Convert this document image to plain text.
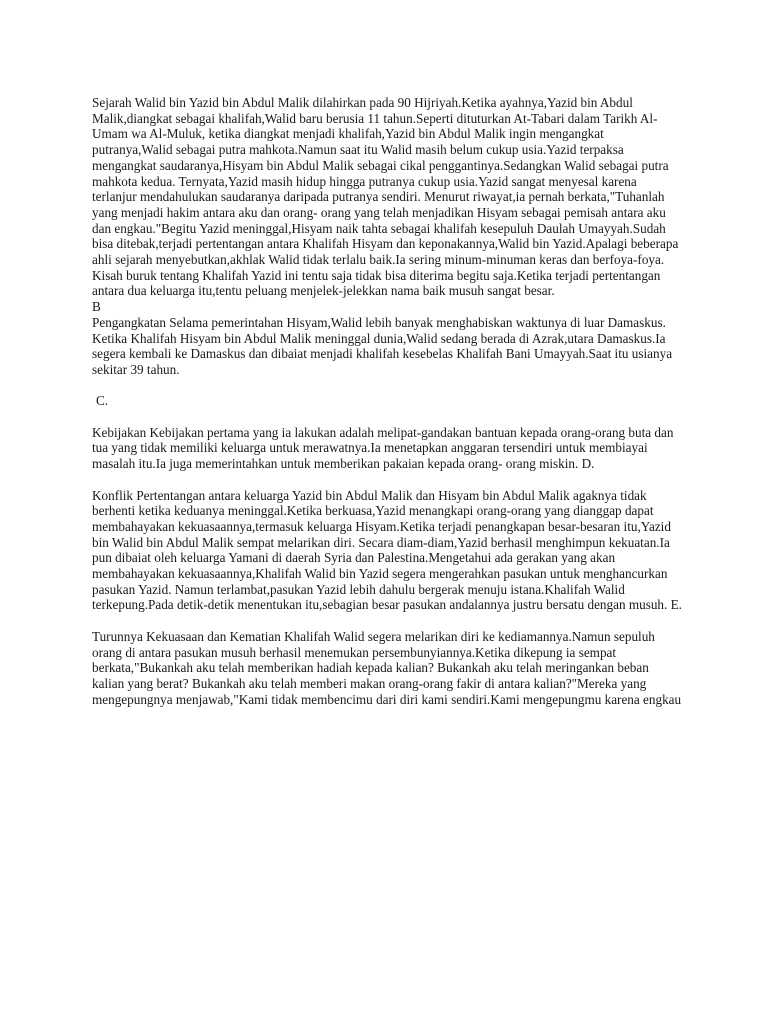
Sejarah Walid bin Yazid bin Abdul Malik dilahirkan pada 90 Hijriyah.Ketika ayahnya,Yazid bin Abdul Malik,diangkat sebagai khalifah,Walid baru berusia 11 tahun.Seperti dituturkan At-Tabari dalam Tarikh Al-Umam wa Al-Muluk, ketika diangkat menjadi khalifah,Yazid bin Abdul Malik ingin mengangkat putranya,Walid sebagai putra mahkota.Namun saat itu Walid masih belum cukup usia.Yazid terpaksa mengangkat saudaranya,Hisyam bin Abdul Malik sebagai cikal penggantinya.Sedangkan Walid sebagai putra mahkota kedua. Ternyata,Yazid masih hidup hingga putranya cukup usia.Yazid sangat menyesal karena terlanjur mendahulukan saudaranya daripada putranya sendiri. Menurut riwayat,ia pernah berkata,"Tuhanlah yang menjadi hakim antara aku dan orang- orang yang telah menjadikan Hisyam sebagai pemisah antara aku dan engkau."Begitu Yazid meninggal,Hisyam naik tahta sebagai khalifah kesepuluh Daulah Umayyah.Sudah bisa ditebak,terjadi pertentangan antara Khalifah Hisyam dan keponakannya,Walid bin Yazid.Apalagi beberapa ahli sejarah menyebutkan,akhlak Walid tidak terlalu baik.Ia sering minum-minuman keras dan berfoya-foya. Kisah buruk tentang Khalifah Yazid ini tentu saja tidak bisa diterima begitu saja.Ketika terjadi pertentangan antara dua keluarga itu,tentu peluang menjelek-jelekkan nama baik musuh sangat besar.

B

Pengangkatan Selama pemerintahan Hisyam,Walid lebih banyak menghabiskan waktunya di luar Damaskus. Ketika Khalifah Hisyam bin Abdul Malik meninggal dunia,Walid sedang berada di Azrak,utara Damaskus.Ia segera kembali ke Damaskus dan dibaiat menjadi khalifah kesebelas Khalifah Bani Umayyah.Saat itu usianya sekitar 39 tahun.

C.

Kebijakan Kebijakan pertama yang ia lakukan adalah melipat-gandakan bantuan kepada orang-orang buta dan tua yang tidak memiliki keluarga untuk merawatnya.Ia menetapkan anggaran tersendiri untuk membiayai masalah itu.Ia juga memerintahkan untuk memberikan pakaian kepada orang- orang miskin. D.

Konflik Pertentangan antara keluarga Yazid bin Abdul Malik dan Hisyam bin Abdul Malik agaknya tidak berhenti ketika keduanya meninggal.Ketika berkuasa,Yazid menangkapi orang-orang yang dianggap dapat membahayakan kekuasaannya,termasuk keluarga Hisyam.Ketika terjadi penangkapan besar-besaran itu,Yazid bin Walid bin Abdul Malik sempat melarikan diri. Secara diam-diam,Yazid berhasil menghimpun kekuatan.Ia pun dibaiat oleh keluarga Yamani di daerah Syria dan Palestina.Mengetahui ada gerakan yang akan membahayakan kekuasaannya,Khalifah Walid bin Yazid segera mengerahkan pasukan untuk menghancurkan pasukan Yazid. Namun terlambat,pasukan Yazid lebih dahulu bergerak menuju istana.Khalifah Walid terkepung.Pada detik-detik menentukan itu,sebagian besar pasukan andalannya justru bersatu dengan musuh. E.

Turunnya Kekuasaan dan Kematian Khalifah Walid segera melarikan diri ke kediamannya.Namun sepuluh orang di antara pasukan musuh berhasil menemukan persembunyiannya.Ketika dikepung ia sempat berkata,"Bukankah aku telah memberikan hadiah kepada kalian? Bukankah aku telah meringankan beban kalian yang berat? Bukankah aku telah memberi makan orang-orang fakir di antara kalian?"Mereka yang mengepungnya menjawab,"Kami tidak membencimu dari diri kami sendiri.Kami mengepungmu karena engkau
